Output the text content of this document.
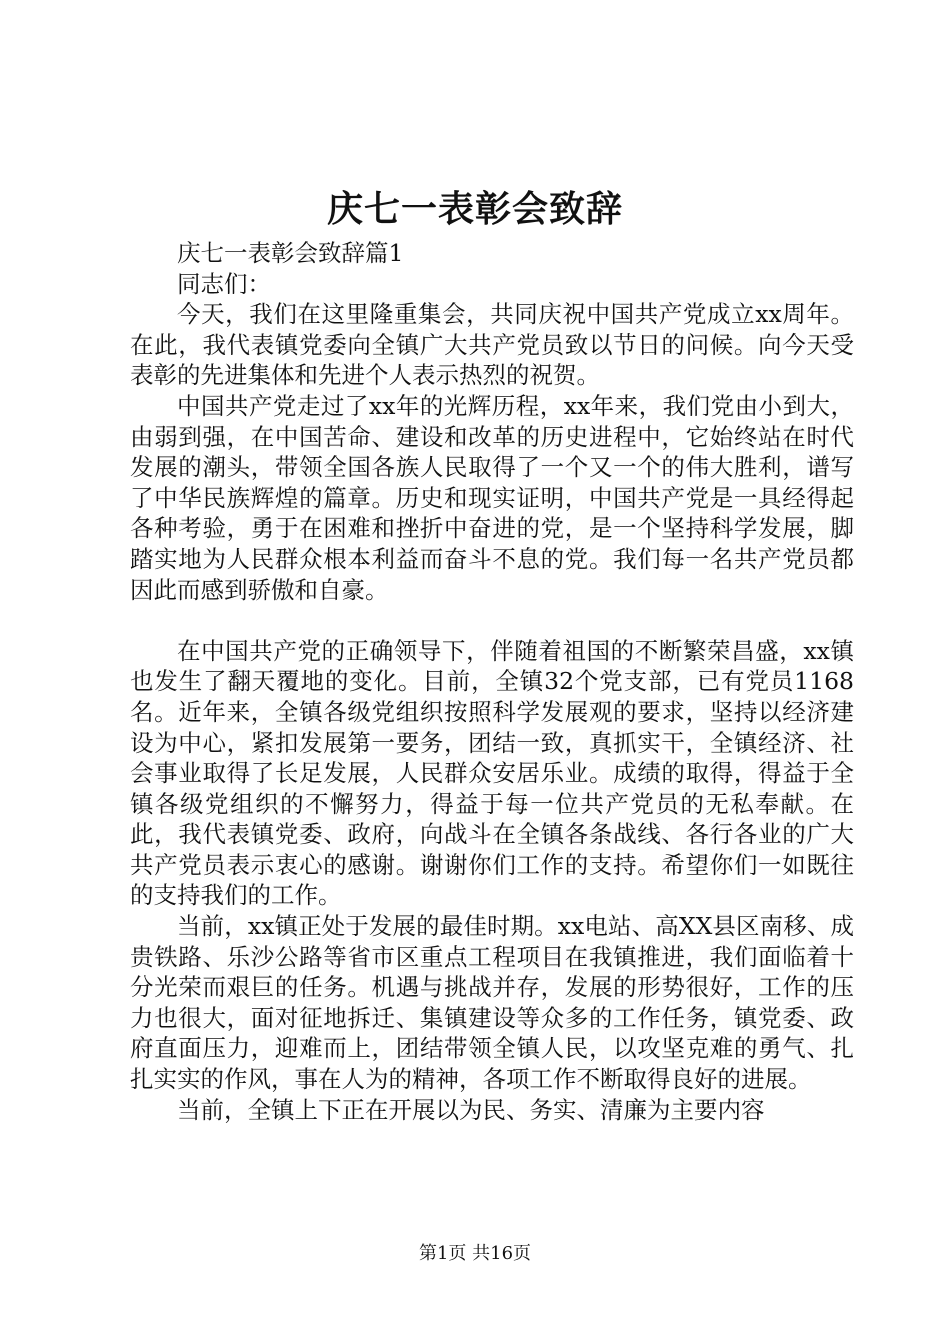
庆七一表彰会致辞

庆七一表彰会致辞篇1

同志们：

今天，我们在这里隆重集会，共同庆祝中国共产党成立xx周年。在此，我代表镇党委向全镇广大共产党员致以节日的问候。向今天受表彰的先进集体和先进个人表示热烈的祝贺。

中国共产党走过了xx年的光辉历程，xx年来，我们党由小到大，由弱到强，在中国苦命、建设和改革的历史进程中，它始终站在时代发展的潮头，带领全国各族人民取得了一个又一个的伟大胜利，谱写了中华民族辉煌的篇章。历史和现实证明，中国共产党是一具经得起各种考验，勇于在困难和挫折中奋进的党，是一个坚持科学发展，脚踏实地为人民群众根本利益而奋斗不息的党。我们每一名共产党员都因此而感到骄傲和自豪。

在中国共产党的正确领导下，伴随着祖国的不断繁荣昌盛，xx镇也发生了翻天覆地的变化。目前，全镇32个党支部，已有党员1168名。近年来，全镇各级党组织按照科学发展观的要求，坚持以经济建设为中心，紧扣发展第一要务，团结一致，真抓实干，全镇经济、社会事业取得了长足发展，人民群众安居乐业。成绩的取得，得益于全镇各级党组织的不懈努力，得益于每一位共产党员的无私奉献。在此，我代表镇党委、政府，向战斗在全镇各条战线、各行各业的广大共产党员表示衷心的感谢。谢谢你们工作的支持。希望你们一如既往的支持我们的工作。

当前，xx镇正处于发展的最佳时期。xx电站、高XX县区南移、成贵铁路、乐沙公路等省市区重点工程项目在我镇推进，我们面临着十分光荣而艰巨的任务。机遇与挑战并存，发展的形势很好，工作的压力也很大，面对征地拆迁、集镇建设等众多的工作任务，镇党委、政府直面压力，迎难而上，团结带领全镇人民，以攻坚克难的勇气、扎扎实实的作风，事在人为的精神，各项工作不断取得良好的进展。

当前，全镇上下正在开展以为民、务实、清廉为主要内容

第1页 共16页
